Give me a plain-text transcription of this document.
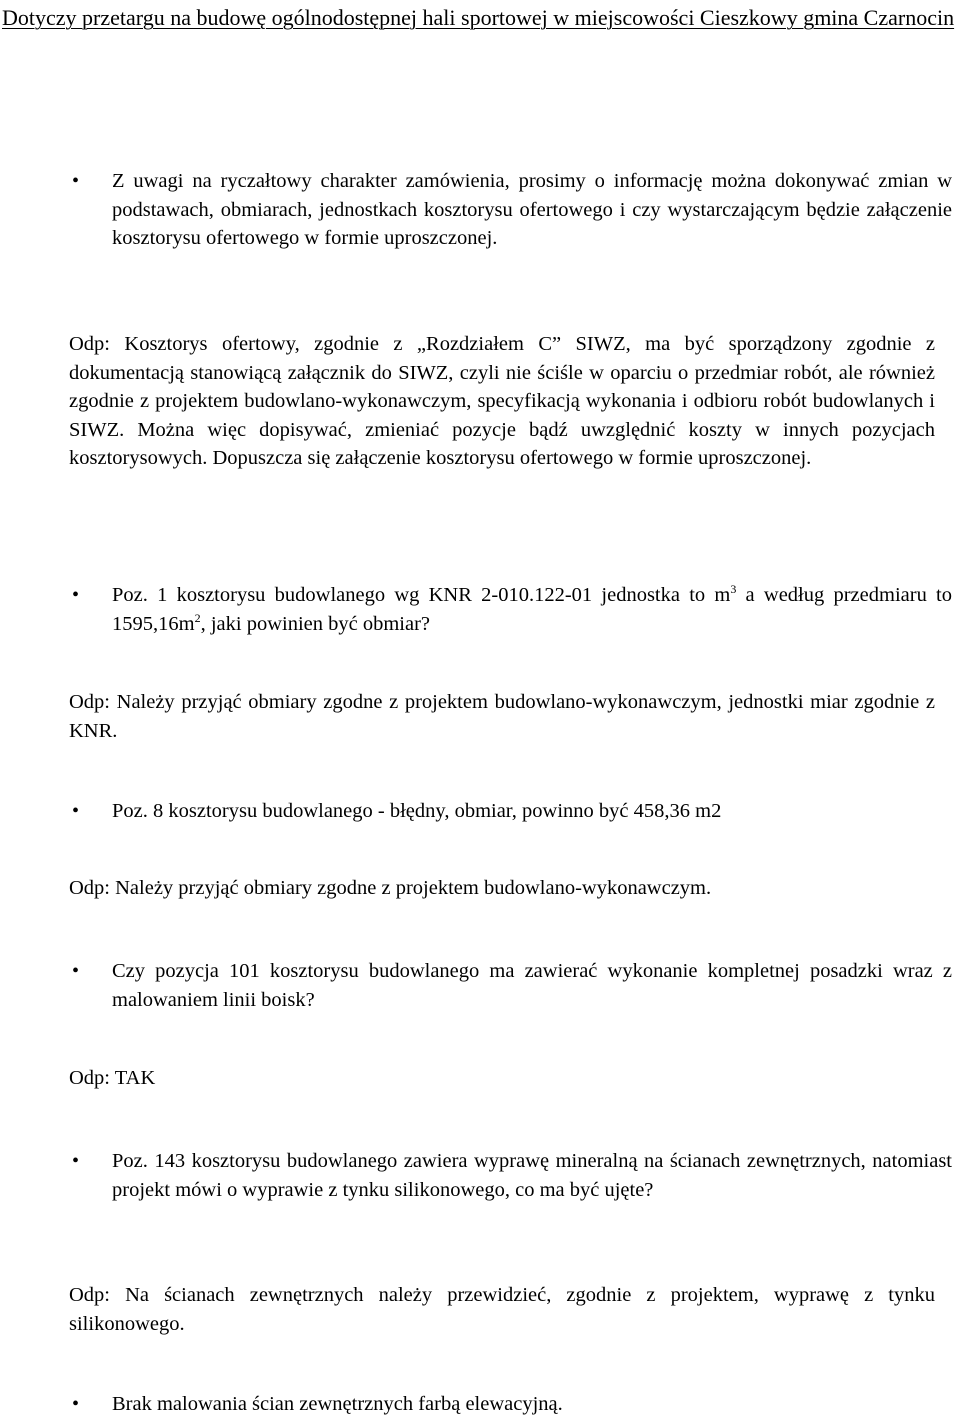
Dotyczy przetargu na budowę ogólnodostępnej hali sportowej w miejscowości Cieszkowy gmina Czarnocin
• Z uwagi na ryczałtowy charakter zamówienia, prosimy o informację można dokonywać zmian w podstawach, obmiarach, jednostkach kosztorysu ofertowego i czy wystarczającym będzie załączenie kosztorysu ofertowego w formie uproszczonej.
Odp: Kosztorys ofertowy, zgodnie z „Rozdziałem C” SIWZ, ma być sporządzony zgodnie z dokumentacją stanowiącą załącznik do SIWZ, czyli nie ściśle w oparciu o przedmiar robót, ale również zgodnie z projektem budowlano-wykonawczym, specyfikacją wykonania i odbioru robót budowlanych i SIWZ. Można więc dopisywać, zmieniać pozycje bądź uwzględnić koszty w innych pozycjach kosztorysowych. Dopuszcza się załączenie kosztorysu ofertowego w formie uproszczonej.
• Poz. 1 kosztorysu budowlanego wg KNR 2-010.122-01 jednostka to $m^3$ a według przedmiaru to $1595,16m^2$, jaki powinien być obmiar?
Odp: Należy przyjąć obmiary zgodne z projektem budowlano-wykonawczym, jednostki miar zgodnie z KNR.
• Poz. 8 kosztorysu budowlanego - błędny, obmiar, powinno być 458,36 m2
Odp: Należy przyjąć obmiary zgodne z projektem budowlano-wykonawczym.
• Czy pozycja 101 kosztorysu budowlanego ma zawierać wykonanie kompletnej posadzki wraz z malowaniem linii boisk?
Odp: TAK
• Poz. 143 kosztorysu budowlanego zawiera wyprawę mineralną na ścianach zewnętrznych, natomiast projekt mówi o wyprawie z tynku silikonowego, co ma być ujęte?
Odp: Na ścianach zewnętrznych należy przewidzieć, zgodnie z projektem, wyprawę z tynku silikonowego.
• Brak malowania ścian zewnętrznych farbą elewacyjną.
